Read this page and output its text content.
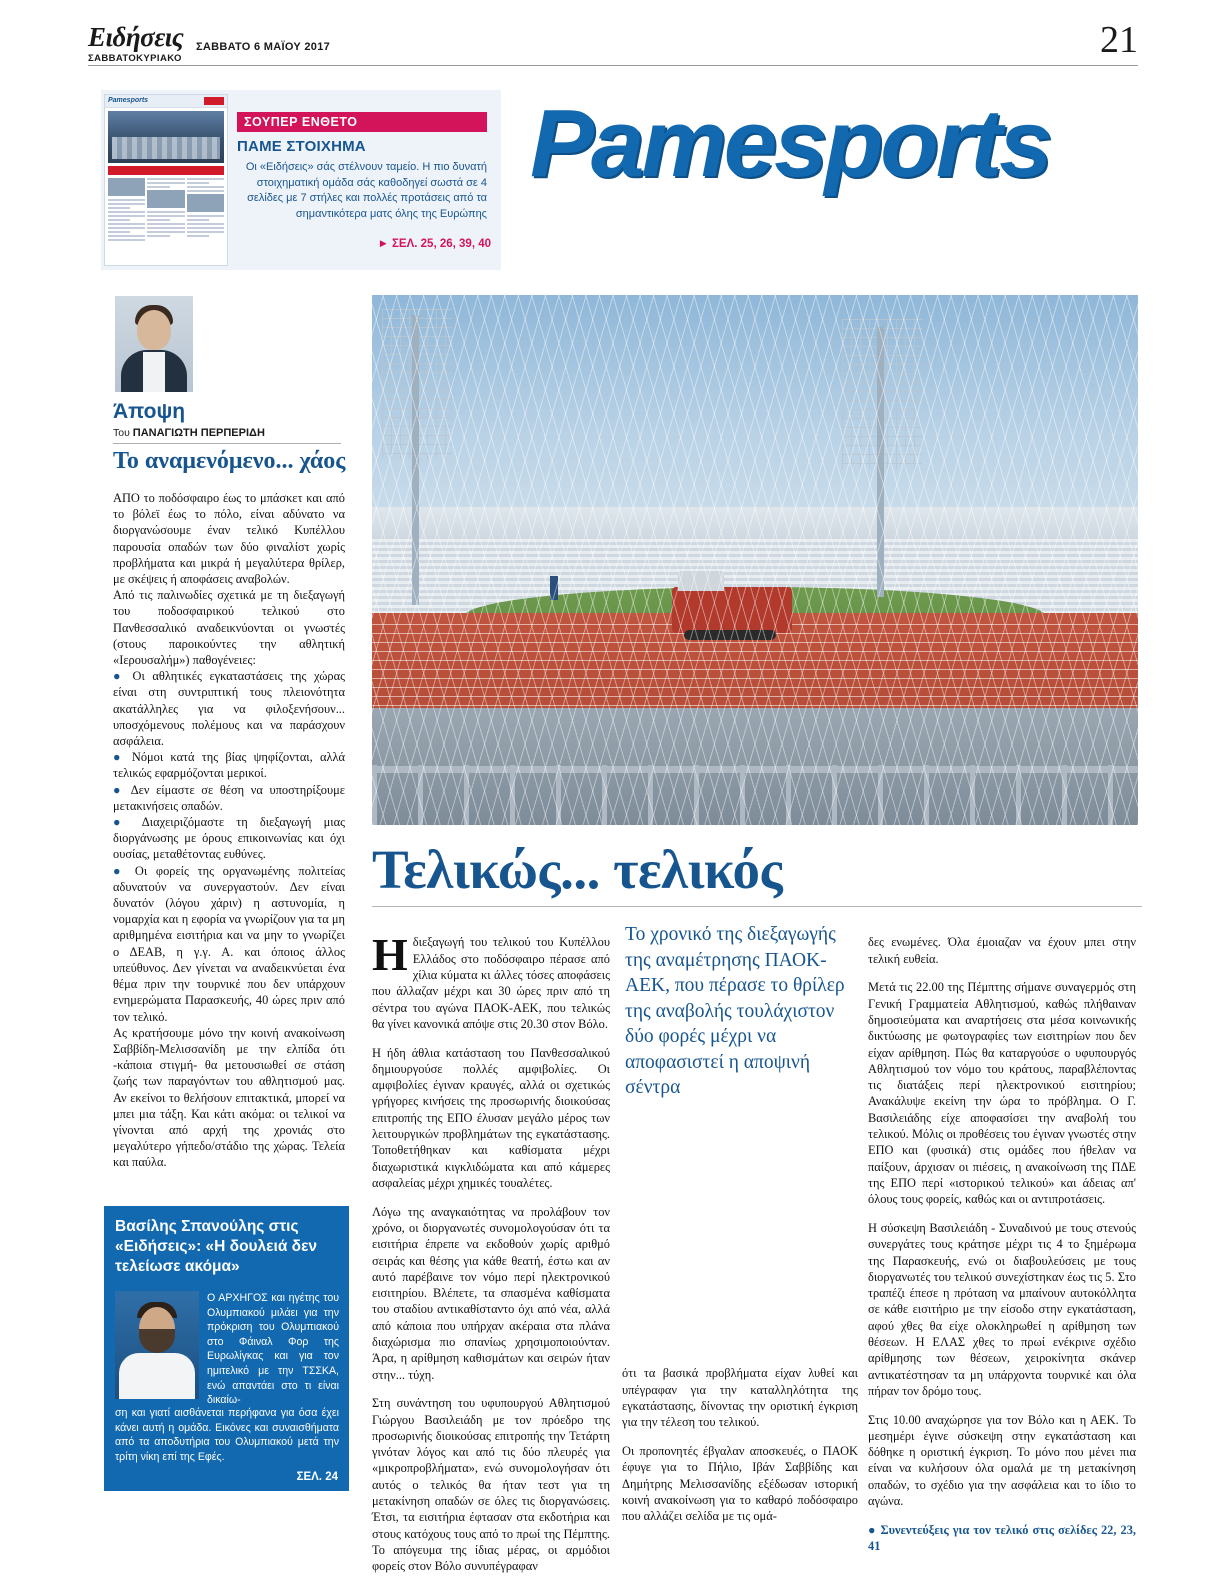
Ειδήσεις
ΣΑΒΒΑΤΟΚΥΡΙΑΚΟ
ΣΑΒΒΑΤΟ 6 ΜΑΪΟΥ 2017	21
Pamesports
ΣΟΥΠΕΡ ΕΝΘΕΤΟ
ΠΑΜΕ ΣΤΟΙΧΗΜΑ
Οι «Ειδήσεις» σάς στέλνουν ταμείο. Η πιο δυνατή στοιχηματική ομάδα σάς καθοδηγεί σωστά σε 4 σελίδες με 7 στήλες και πολλές προτάσεις από τα σημαντικότερα ματς όλης της Ευρώπης
► ΣΕΛ. 25, 26, 39, 40
Pamesports
Άποψη
Του ΠΑΝΑΓΙΩΤΗ ΠΕΡΠΕΡΙΔΗ
Το αναμενόμενο... χάος

ΑΠΟ το ποδόσφαιρο έως το μπάσκετ και από το βόλεϊ έως το πόλο, είναι αδύνατο να διοργανώσουμε έναν τελικό Κυπέλλου παρουσία οπαδών των δύο φιναλίστ χωρίς προβλήματα και μικρά ή μεγαλύτερα θρίλερ, με σκέψεις ή αποφάσεις αναβολών.

Από τις παλινωδίες σχετικά με τη διεξαγωγή του ποδοσφαιρικού τελικού στο Πανθεσσαλικό αναδεικνύονται οι γνωστές (στους παροικούντες την αθλητική «Ιερουσαλήμ») παθογένειες:

● Οι αθλητικές εγκαταστάσεις της χώρας είναι στη συντριπτική τους πλειονότητα ακατάλληλες για να φιλοξενήσουν... υποσχόμενους πολέμους και να παράσχουν ασφάλεια.

● Νόμοι κατά της βίας ψηφίζονται, αλλά τελικώς εφαρμόζονται μερικοί.

● Δεν είμαστε σε θέση να υποστηρίξουμε μετακινήσεις οπαδών.

● Διαχειριζόμαστε τη διεξαγωγή μιας διοργάνωσης με όρους επικοινωνίας και όχι ουσίας, μεταθέτοντας ευθύνες.

● Οι φορείς της οργανωμένης πολιτείας αδυνατούν να συνεργαστούν. Δεν είναι δυνατόν (λόγου χάριν) η αστυνομία, η νομαρχία και η εφορία να γνωρίζουν για τα μη αριθμημένα εισιτήρια και να μην το γνωρίζει ο ΔΕΑΒ, η γ.γ. Α. και όποιος άλλος υπεύθυνος. Δεν γίνεται να αναδεικνύεται ένα θέμα πριν την τουρνικέ που δεν υπάρχουν ενημερώματα Παρασκευής, 40 ώρες πριν από τον τελικό.

Ας κρατήσουμε μόνο την κοινή ανακοίνωση Σαββίδη-Μελισσανίδη με την ελπίδα ότι -κάποια στιγμή- θα μετουσιωθεί σε στάση ζωής των παραγόντων του αθλητισμού μας. Αν εκείνοι το θελήσουν επιτακτικά, μπορεί να μπει μια τάξη. Και κάτι ακόμα: οι τελικοί να γίνονται από αρχή της χρονιάς στο μεγαλύτερο γήπεδο/στάδιο της χώρας. Τελεία και παύλα.

Βασίλης Σπανούλης στις «Ειδήσεις»: «Η δουλειά δεν τελείωσε ακόμα»
Ο ΑΡΧΗΓΟΣ και ηγέτης του Ολυμπιακού μιλάει για την πρόκριση του Ολυμπιακού στο Φάιναλ Φορ της Ευρωλίγκας και για τον ημιτελικό με την ΤΣΣΚΑ, ενώ απαντάει στο τι είναι δικαίω-
ση και γιατί αισθάνεται περήφανα για όσα έχει κάνει αυτή η ομάδα. Εικόνες και συναισθήματα από τα αποδυτήρια του Ολυμπιακού μετά την τρίτη νίκη επί της Εφές.
ΣΕΛ. 24
Τελικώς... τελικός

Ηδιεξαγωγή του τελικού του Κυπέλλου Ελλάδος στο ποδόσφαιρο πέρασε από χίλια κύματα κι άλλες τόσες αποφάσεις που άλλαζαν μέχρι και 30 ώρες πριν από τη σέντρα του αγώνα ΠΑΟΚ-ΑΕΚ, που τελικώς θα γίνει κανονικά απόψε στις 20.30 στον Βόλο.

Η ήδη άθλια κατάσταση του Πανθεσσαλικού δημιουργούσε πολλές αμφιβολίες. Οι αμφιβολίες έγιναν κραυγές, αλλά οι σχετικώς γρήγορες κινήσεις της προσωρινής διοικούσας επιτροπής της ΕΠΟ έλυσαν μεγάλο μέρος των λειτουργικών προβλημάτων της εγκατάστασης. Τοποθετήθηκαν και καθίσματα μέχρι διαχωριστικά κιγκλιδώματα και από κάμερες ασφαλείας μέχρι χημικές τουαλέτες.

Λόγω της αναγκαιότητας να προλάβουν τον χρόνο, οι διοργανωτές συνομολογούσαν ότι τα εισιτήρια έπρεπε να εκδοθούν χωρίς αριθμό σειράς και θέσης για κάθε θεατή, έστω και αν αυτό παρέβαινε τον νόμο περί ηλεκτρονικού εισιτηρίου. Βλέπετε, τα σπασμένα καθίσματα του σταδίου αντικαθίσταντο όχι από νέα, αλλά από κάποια που υπήρχαν ακέραια στα πλάνα διαχώρισμα πιο σπανίως χρησιμοποιούνταν. Άρα, η αρίθμηση καθισμάτων και σειρών ήταν στην... τύχη.

Στη συνάντηση του υφυπουργού Αθλητισμού Γιώργου Βασιλειάδη με τον πρόεδρο της προσωρινής διοικούσας επιτροπής την Τετάρτη γινόταν λόγος και από τις δύο πλευρές για «μικροπροβλήματα», ενώ συνομολογήσαν ότι αυτός ο τελικός θα ήταν τεστ για τη μετακίνηση οπαδών σε όλες τις διοργανώσεις. Έτσι, τα εισιτήρια έφτασαν στα εκδοτήρια και στους κατόχους τους από το πρωί της Πέμπτης. Το απόγευμα της ίδιας μέρας, οι αρμόδιοι φορείς στον Βόλο συνυπέγραφαν

Το χρονικό της διεξαγωγής της αναμέτρησης ΠΑΟΚ-ΑΕΚ, που πέρασε το θρίλερ της αναβολής τουλάχιστον δύο φορές μέχρι να αποφασιστεί η αποψινή σέντρα

ότι τα βασικά προβλήματα είχαν λυθεί και υπέγραφαν για την καταλληλότητα της εγκατάστασης, δίνοντας την οριστική έγκριση για την τέλεση του τελικού.

Οι προπονητές έβγαλαν αποσκευές, ο ΠΑΟΚ έφυγε για το Πήλιο, Ιβάν Σαββίδης και Δημήτρης Μελισσανίδης εξέδωσαν ιστορική κοινή ανακοίνωση για το καθαρό ποδόσφαιρο που αλλάζει σελίδα με τις ομά-

δες ενωμένες. Όλα έμοιαζαν να έχουν μπει στην τελική ευθεία.

Μετά τις 22.00 της Πέμπτης σήμανε συναγερμός στη Γενική Γραμματεία Αθλητισμού, καθώς πλήθαιναν δημοσιεύματα και αναρτήσεις στα μέσα κοινωνικής δικτύωσης με φωτογραφίες των εισιτηρίων που δεν είχαν αρίθμηση. Πώς θα καταργούσε ο υφυπουργός Αθλητισμού τον νόμο του κράτους, παραβλέποντας τις διατάξεις περί ηλεκτρονικού εισιτηρίου; Ανακάλυψε εκείνη την ώρα το πρόβλημα. Ο Γ. Βασιλειάδης είχε αποφασίσει την αναβολή του τελικού. Μόλις οι προθέσεις του έγιναν γνωστές στην ΕΠΟ και (φυσικά) στις ομάδες που ήθελαν να παίξουν, άρχισαν οι πιέσεις, η ανακοίνωση της ΠΔΕ της ΕΠΟ περί «ιστορικού τελικού» και άδειας απ' όλους τους φορείς, καθώς και οι αντιπροτάσεις.

Η σύσκεψη Βασιλειάδη - Συναδινού με τους στενούς συνεργάτες τους κράτησε μέχρι τις 4 το ξημέρωμα της Παρασκευής, ενώ οι διαβουλεύσεις με τους διοργανωτές του τελικού συνεχίστηκαν έως τις 5. Στο τραπέζι έπεσε η πρόταση να μπαίνουν αυτοκόλλητα σε κάθε εισιτήριο με την είσοδο στην εγκατάσταση, αφού χθες θα είχε ολοκληρωθεί η αρίθμηση των θέσεων. Η ΕΛΑΣ χθες το πρωί ενέκρινε σχέδιο αρίθμησης των θέσεων, χειροκίνητα σκάνερ αντικατέστησαν τα μη υπάρχοντα τουρνικέ και όλα πήραν τον δρόμο τους.

Στις 10.00 αναχώρησε για τον Βόλο και η ΑΕΚ. Το μεσημέρι έγινε σύσκεψη στην εγκατάσταση και δόθηκε η οριστική έγκριση. Το μόνο που μένει πια είναι να κυλήσουν όλα ομαλά με τη μετακίνηση οπαδών, το σχέδιο για την ασφάλεια και το ίδιο το αγώνα.

● Συνεντεύξεις για τον τελικό στις σελίδες 22, 23, 41
